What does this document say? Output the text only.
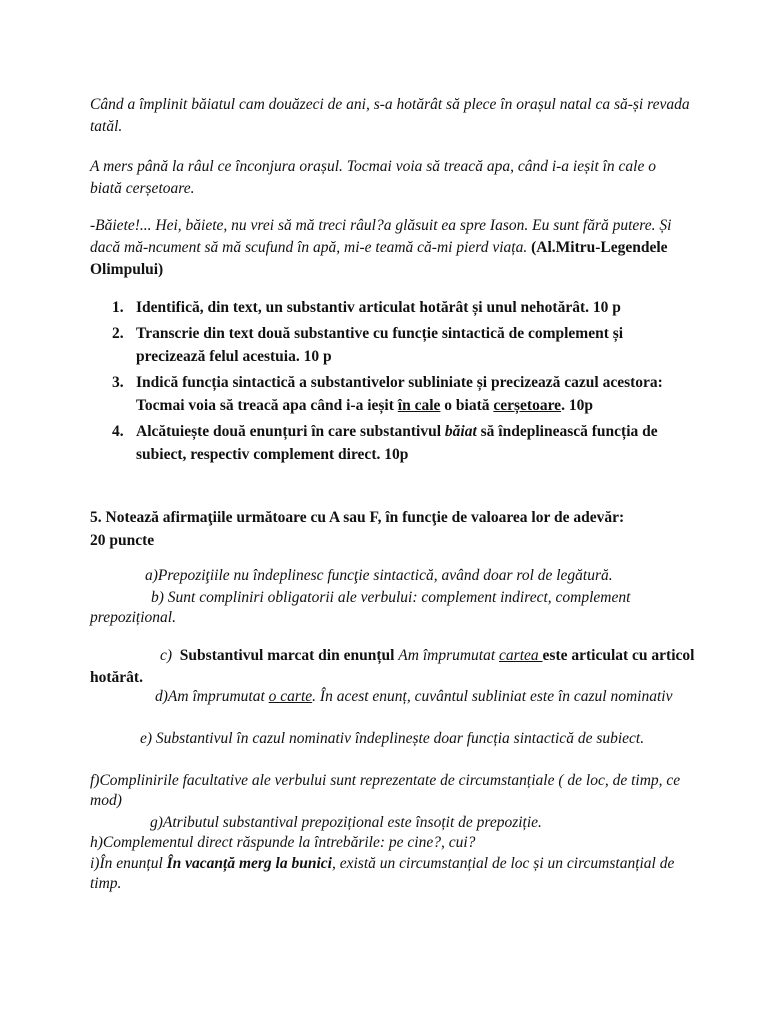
Când a împlinit băiatul cam douăzeci de ani, s-a hotărât să plece în orașul natal ca să-și revada tatăl.

A mers până la râul ce înconjura orașul. Tocmai voia să treacă apa, când i-a ieșit în cale o biată cerșetoare.

-Băiete!... Hei, băiete, nu vrei să mă treci râul?a glăsuit ea spre Iason. Eu sunt fără putere. Și dacă mă-ncument să mă scufund în apă, mi-e teamă că-mi pierd viața. (Al.Mitru-Legendele Olimpului)

1. Identifică, din text, un substantiv articulat hotărât și unul nehotărât. 10 p
2. Transcrie din text două substantive cu funcție sintactică de complement și precizează felul acestuia. 10 p
3. Indică funcția sintactică a substantivelor subliniate și precizează cazul acestora: Tocmai voia să treacă apa când i-a ieșit în cale o biată cerșetoare. 10p
4. Alcătuiește două enunțuri în care substantivul băiat să îndeplinească funcția de subiect, respectiv complement direct. 10p

5. Notează afirmaţiile următoare cu A sau F, în funcţie de valoarea lor de adevăr:
20 puncte

a)Prepoziţiile nu îndeplinesc funcţie sintactică, având doar rol de legătură.

b) Sunt compliniri obligatorii ale verbului: complement indirect, complement prepozițional.

c) Substantivul marcat din enunțul Am împrumutat cartea este articulat cu articol hotărât.

d)Am împrumutat o carte. În acest enunț, cuvântul subliniat este în cazul nominativ

e) Substantivul în cazul nominativ îndeplinește doar funcția sintactică de subiect.

f)Complinirile facultative ale verbului sunt reprezentate de circumstanțiale ( de loc, de timp, ce mod)

g)Atributul substantival prepozițional este însoțit de prepoziție.

h)Complementul direct răspunde la întrebările: pe cine?, cui?

i)În enunțul În vacanță merg la bunici, există un circumstanțial de loc și un circumstanțial de timp.
